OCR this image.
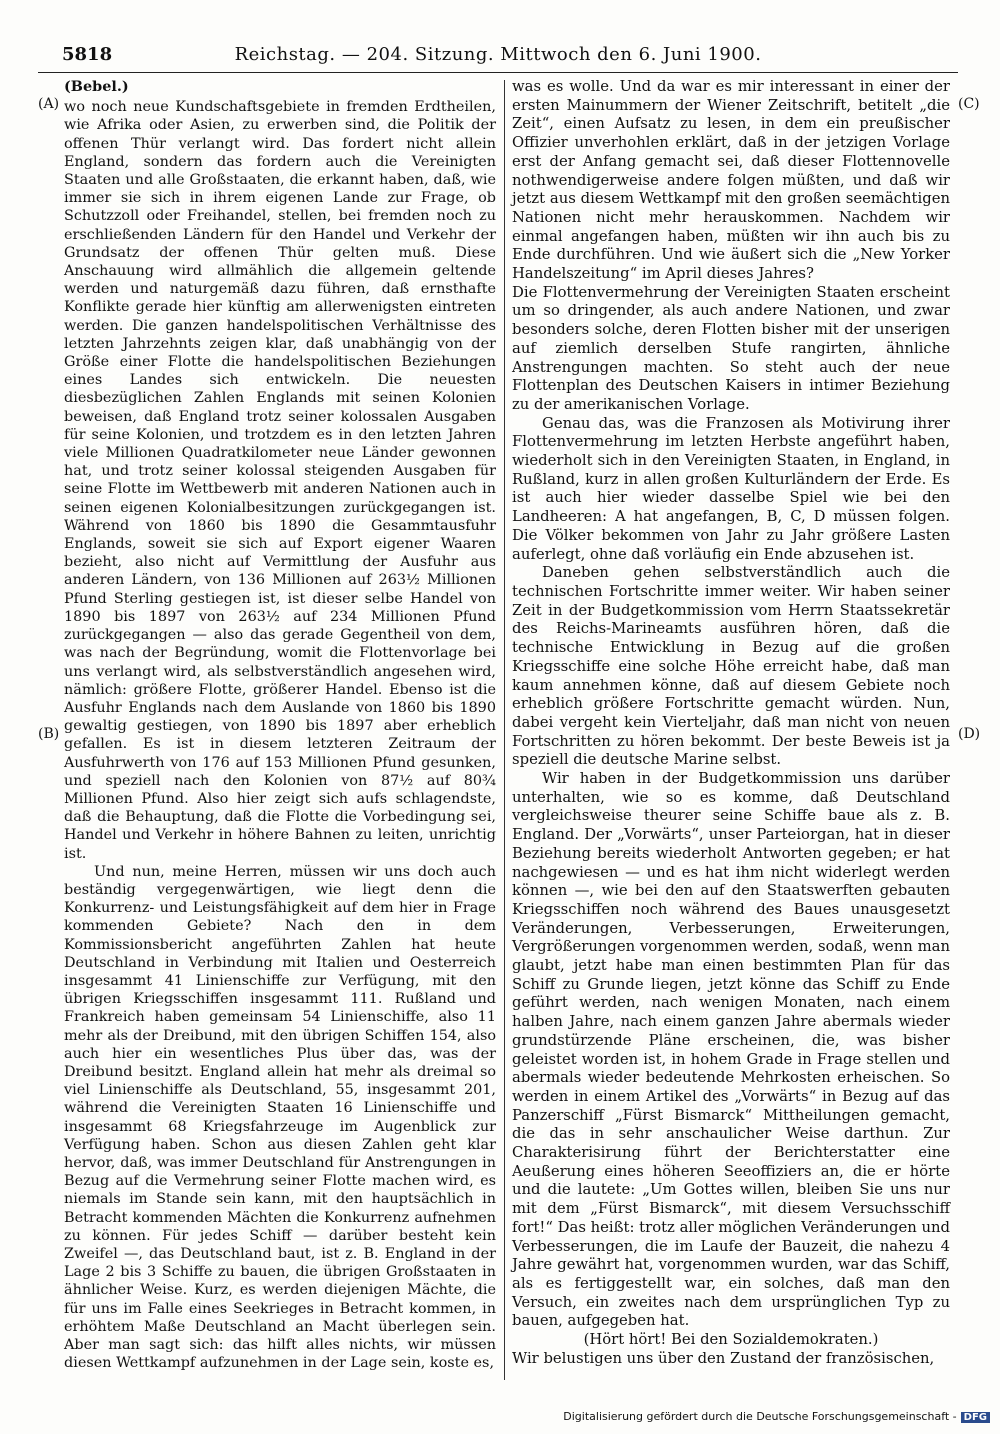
5818	Reichstag. — 204. Sitzung. Mittwoch den 6. Juni 1900.
(A)
(B)
(C)
(D)
(Bebel.)

wo noch neue Kundschaftsgebiete in fremden Erdtheilen, wie Afrika oder Asien, zu erwerben sind, die Politik der offenen Thür verlangt wird. Das fordert nicht allein England, sondern das fordern auch die Vereinigten Staaten und alle Großstaaten, die erkannt haben, daß, wie immer sie sich in ihrem eigenen Lande zur Frage, ob Schutzzoll oder Freihandel, stellen, bei fremden noch zu erschließenden Ländern für den Handel und Verkehr der Grundsatz der offenen Thür gelten muß. Diese Anschauung wird allmählich die allgemein geltende werden und naturgemäß dazu führen, daß ernsthafte Konflikte gerade hier künftig am allerwenigsten eintreten werden. Die ganzen handelspolitischen Verhältnisse des letzten Jahrzehnts zeigen klar, daß unabhängig von der Größe einer Flotte die handelspolitischen Beziehungen eines Landes sich entwickeln. Die neuesten diesbezüglichen Zahlen Englands mit seinen Kolonien beweisen, daß England trotz seiner kolossalen Ausgaben für seine Kolonien, und trotzdem es in den letzten Jahren viele Millionen Quadratkilometer neue Länder gewonnen hat, und trotz seiner kolossal steigenden Ausgaben für seine Flotte im Wettbewerb mit anderen Nationen auch in seinen eigenen Kolonialbesitzungen zurückgegangen ist. Während von 1860 bis 1890 die Gesammtausfuhr Englands, soweit sie sich auf Export eigener Waaren bezieht, also nicht auf Vermittlung der Ausfuhr aus anderen Ländern, von 136 Millionen auf 263½ Millionen Pfund Sterling gestiegen ist, ist dieser selbe Handel von 1890 bis 1897 von 263½ auf 234 Millionen Pfund zurückgegangen — also das gerade Gegentheil von dem, was nach der Begründung, womit die Flottenvorlage bei uns verlangt wird, als selbstverständlich angesehen wird, nämlich: größere Flotte, größerer Handel. Ebenso ist die Ausfuhr Englands nach dem Auslande von 1860 bis 1890 gewaltig gestiegen, von 1890 bis 1897 aber erheblich gefallen. Es ist in diesem letzteren Zeitraum der Ausfuhrwerth von 176 auf 153 Millionen Pfund gesunken, und speziell nach den Kolonien von 87½ auf 80¾ Millionen Pfund. Also hier zeigt sich aufs schlagendste, daß die Behauptung, daß die Flotte die Vorbedingung sei, Handel und Verkehr in höhere Bahnen zu leiten, unrichtig ist.

Und nun, meine Herren, müssen wir uns doch auch beständig vergegenwärtigen, wie liegt denn die Konkurrenz- und Leistungsfähigkeit auf dem hier in Frage kommenden Gebiete? Nach den in dem Kommissionsbericht angeführten Zahlen hat heute Deutschland in Verbindung mit Italien und Oesterreich insgesammt 41 Linienschiffe zur Verfügung, mit den übrigen Kriegsschiffen insgesammt 111. Rußland und Frankreich haben gemeinsam 54 Linienschiffe, also 11 mehr als der Dreibund, mit den übrigen Schiffen 154, also auch hier ein wesentliches Plus über das, was der Dreibund besitzt. England allein hat mehr als dreimal so viel Linienschiffe als Deutschland, 55, insgesammt 201, während die Vereinigten Staaten 16 Linienschiffe und insgesammt 68 Kriegsfahrzeuge im Augenblick zur Verfügung haben. Schon aus diesen Zahlen geht klar hervor, daß, was immer Deutschland für Anstrengungen in Bezug auf die Vermehrung seiner Flotte machen wird, es niemals im Stande sein kann, mit den hauptsächlich in Betracht kommenden Mächten die Konkurrenz aufnehmen zu können. Für jedes Schiff — darüber besteht kein Zweifel —, das Deutschland baut, ist z. B. England in der Lage 2 bis 3 Schiffe zu bauen, die übrigen Großstaaten in ähnlicher Weise. Kurz, es werden diejenigen Mächte, die für uns im Falle eines Seekrieges in Betracht kommen, in erhöhtem Maße Deutschland an Macht überlegen sein. Aber man sagt sich: das hilft alles nichts, wir müssen diesen Wettkampf aufzunehmen in der Lage sein, koste es,

was es wolle. Und da war es mir interessant in einer der ersten Mainummern der Wiener Zeitschrift, betitelt „die Zeit“, einen Aufsatz zu lesen, in dem ein preußischer Offizier unverhohlen erklärt, daß in der jetzigen Vorlage erst der Anfang gemacht sei, daß dieser Flottennovelle nothwendigerweise andere folgen müßten, und daß wir jetzt aus diesem Wettkampf mit den großen seemächtigen Nationen nicht mehr herauskommen. Nachdem wir einmal angefangen haben, müßten wir ihn auch bis zu Ende durchführen. Und wie äußert sich die „New Yorker Handelszeitung“ im April dieses Jahres?

Die Flottenvermehrung der Vereinigten Staaten erscheint um so dringender, als auch andere Nationen, und zwar besonders solche, deren Flotten bisher mit der unserigen auf ziemlich derselben Stufe rangirten, ähnliche Anstrengungen machten. So steht auch der neue Flottenplan des Deutschen Kaisers in intimer Beziehung zu der amerikanischen Vorlage.

Genau das, was die Franzosen als Motivirung ihrer Flottenvermehrung im letzten Herbste angeführt haben, wiederholt sich in den Vereinigten Staaten, in England, in Rußland, kurz in allen großen Kulturländern der Erde. Es ist auch hier wieder dasselbe Spiel wie bei den Landheeren: A hat angefangen, B, C, D müssen folgen. Die Völker bekommen von Jahr zu Jahr größere Lasten auferlegt, ohne daß vorläufig ein Ende abzusehen ist.

Daneben gehen selbstverständlich auch die technischen Fortschritte immer weiter. Wir haben seiner Zeit in der Budgetkommission vom Herrn Staatssekretär des Reichs-Marineamts ausführen hören, daß die technische Entwicklung in Bezug auf die großen Kriegsschiffe eine solche Höhe erreicht habe, daß man kaum annehmen könne, daß auf diesem Gebiete noch erheblich größere Fortschritte gemacht würden. Nun, dabei vergeht kein Vierteljahr, daß man nicht von neuen Fortschritten zu hören bekommt. Der beste Beweis ist ja speziell die deutsche Marine selbst.

Wir haben in der Budgetkommission uns darüber unterhalten, wie so es komme, daß Deutschland vergleichsweise theurer seine Schiffe baue als z. B. England. Der „Vorwärts“, unser Parteiorgan, hat in dieser Beziehung bereits wiederholt Antworten gegeben; er hat nachgewiesen — und es hat ihm nicht widerlegt werden können —, wie bei den auf den Staatswerften gebauten Kriegsschiffen noch während des Baues unausgesetzt Veränderungen, Verbesserungen, Erweiterungen, Vergrößerungen vorgenommen werden, sodaß, wenn man glaubt, jetzt habe man einen bestimmten Plan für das Schiff zu Grunde liegen, jetzt könne das Schiff zu Ende geführt werden, nach wenigen Monaten, nach einem halben Jahre, nach einem ganzen Jahre abermals wieder grundstürzende Pläne erscheinen, die, was bisher geleistet worden ist, in hohem Grade in Frage stellen und abermals wieder bedeutende Mehrkosten erheischen. So werden in einem Artikel des „Vorwärts“ in Bezug auf das Panzerschiff „Fürst Bismarck“ Mittheilungen gemacht, die das in sehr anschaulicher Weise darthun. Zur Charakterisirung führt der Berichterstatter eine Aeußerung eines höheren Seeoffiziers an, die er hörte und die lautete: „Um Gottes willen, bleiben Sie uns nur mit dem „Fürst Bismarck“, mit diesem Versuchsschiff fort!“ Das heißt: trotz aller möglichen Veränderungen und Verbesserungen, die im Laufe der Bauzeit, die nahezu 4 Jahre gewährt hat, vorgenommen wurden, war das Schiff, als es fertiggestellt war, ein solches, daß man den Versuch, ein zweites nach dem ursprünglichen Typ zu bauen, aufgegeben hat.

(Hört hört! Bei den Sozialdemokraten.)

Wir belustigen uns über den Zustand der französischen,

Digitalisierung gefördert durch die Deutsche Forschungsgemeinschaft - DFG
